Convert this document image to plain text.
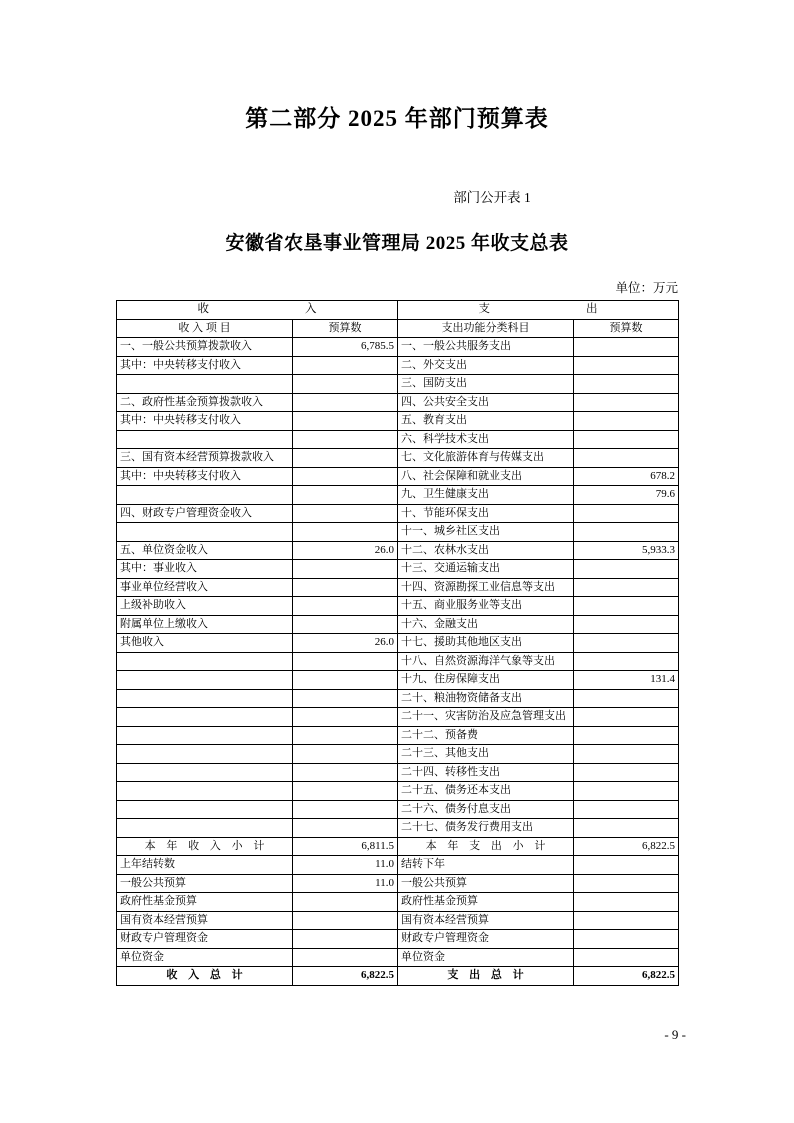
第二部分 2025 年部门预算表
部门公开表 1
安徽省农垦事业管理局 2025 年收支总表
单位：万元
收　　　　入		支　　　　出	
收 入 项 目	预算数	支出功能分类科目	预算数
一、一般公共预算拨款收入	6,785.5	一、一般公共服务支出	
其中：中央转移支付收入		二、外交支出	
		三、国防支出	
二、政府性基金预算拨款收入		四、公共安全支出	
其中：中央转移支付收入		五、教育支出	
		六、科学技术支出	
三、国有资本经营预算拨款收入		七、文化旅游体育与传媒支出	
其中：中央转移支付收入		八、社会保障和就业支出	678.2
		九、卫生健康支出	79.6
四、财政专户管理资金收入		十、节能环保支出	
		十一、城乡社区支出	
五、单位资金收入	26.0	十二、农林水支出	5,933.3
其中：事业收入		十三、交通运输支出	
事业单位经营收入		十四、资源勘探工业信息等支出	
上级补助收入		十五、商业服务业等支出	
附属单位上缴收入		十六、金融支出	
其他收入	26.0	十七、援助其他地区支出	
		十八、自然资源海洋气象等支出	
		十九、住房保障支出	131.4
		二十、粮油物资储备支出	
		二十一、灾害防治及应急管理支出	
		二十二、预备费	
		二十三、其他支出	
		二十四、转移性支出	
		二十五、债务还本支出	
		二十六、债务付息支出	
		二十七、债务发行费用支出	
本 年 收 入 小 计	6,811.5	本 年 支 出 小 计	6,822.5
上年结转数	11.0	结转下年	
一般公共预算	11.0	一般公共预算	
政府性基金预算		政府性基金预算	
国有资本经营预算		国有资本经营预算	
财政专户管理资金		财政专户管理资金	
单位资金		单位资金	
收 入 总 计	6,822.5	支 出 总 计	6,822.5
- 9 -
